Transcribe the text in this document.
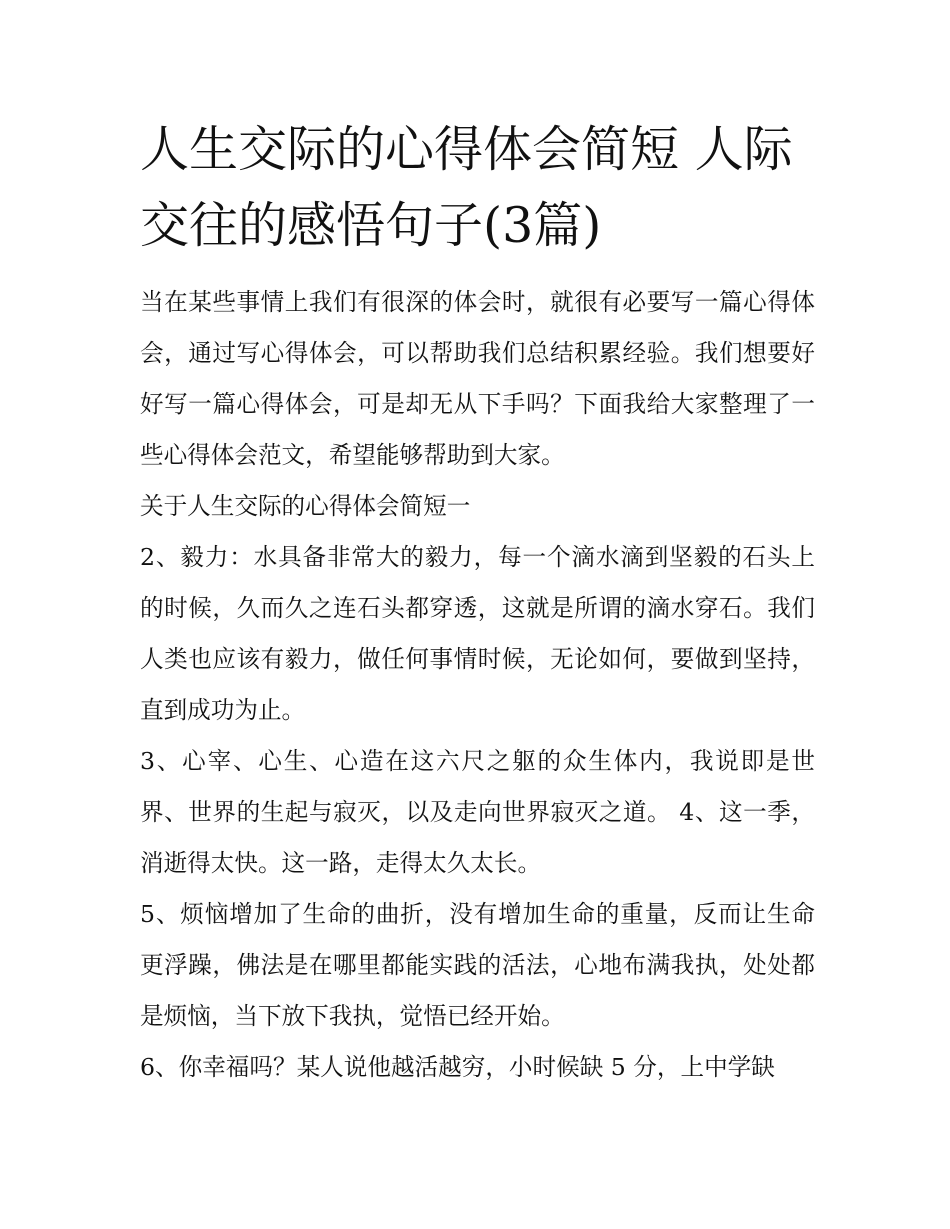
人生交际的心得体会简短 人际交往的感悟句子(3篇)

当在某些事情上我们有很深的体会时，就很有必要写一篇心得体会，通过写心得体会，可以帮助我们总结积累经验。我们想要好好写一篇心得体会，可是却无从下手吗？下面我给大家整理了一些心得体会范文，希望能够帮助到大家。

关于人生交际的心得体会简短一

2、毅力：水具备非常大的毅力，每一个滴水滴到坚毅的石头上的时候，久而久之连石头都穿透，这就是所谓的滴水穿石。我们人类也应该有毅力，做任何事情时候，无论如何，要做到坚持，直到成功为止。

3、心宰、心生、心造在这六尺之躯的众生体内，我说即是世界、世界的生起与寂灭，以及走向世界寂灭之道。 4、这一季，消逝得太快。这一路，走得太久太长。

5、烦恼增加了生命的曲折，没有增加生命的重量，反而让生命更浮躁，佛法是在哪里都能实践的活法，心地布满我执，处处都是烦恼，当下放下我执，觉悟已经开始。

6、你幸福吗？某人说他越活越穷，小时候缺 5 分，上中学缺
